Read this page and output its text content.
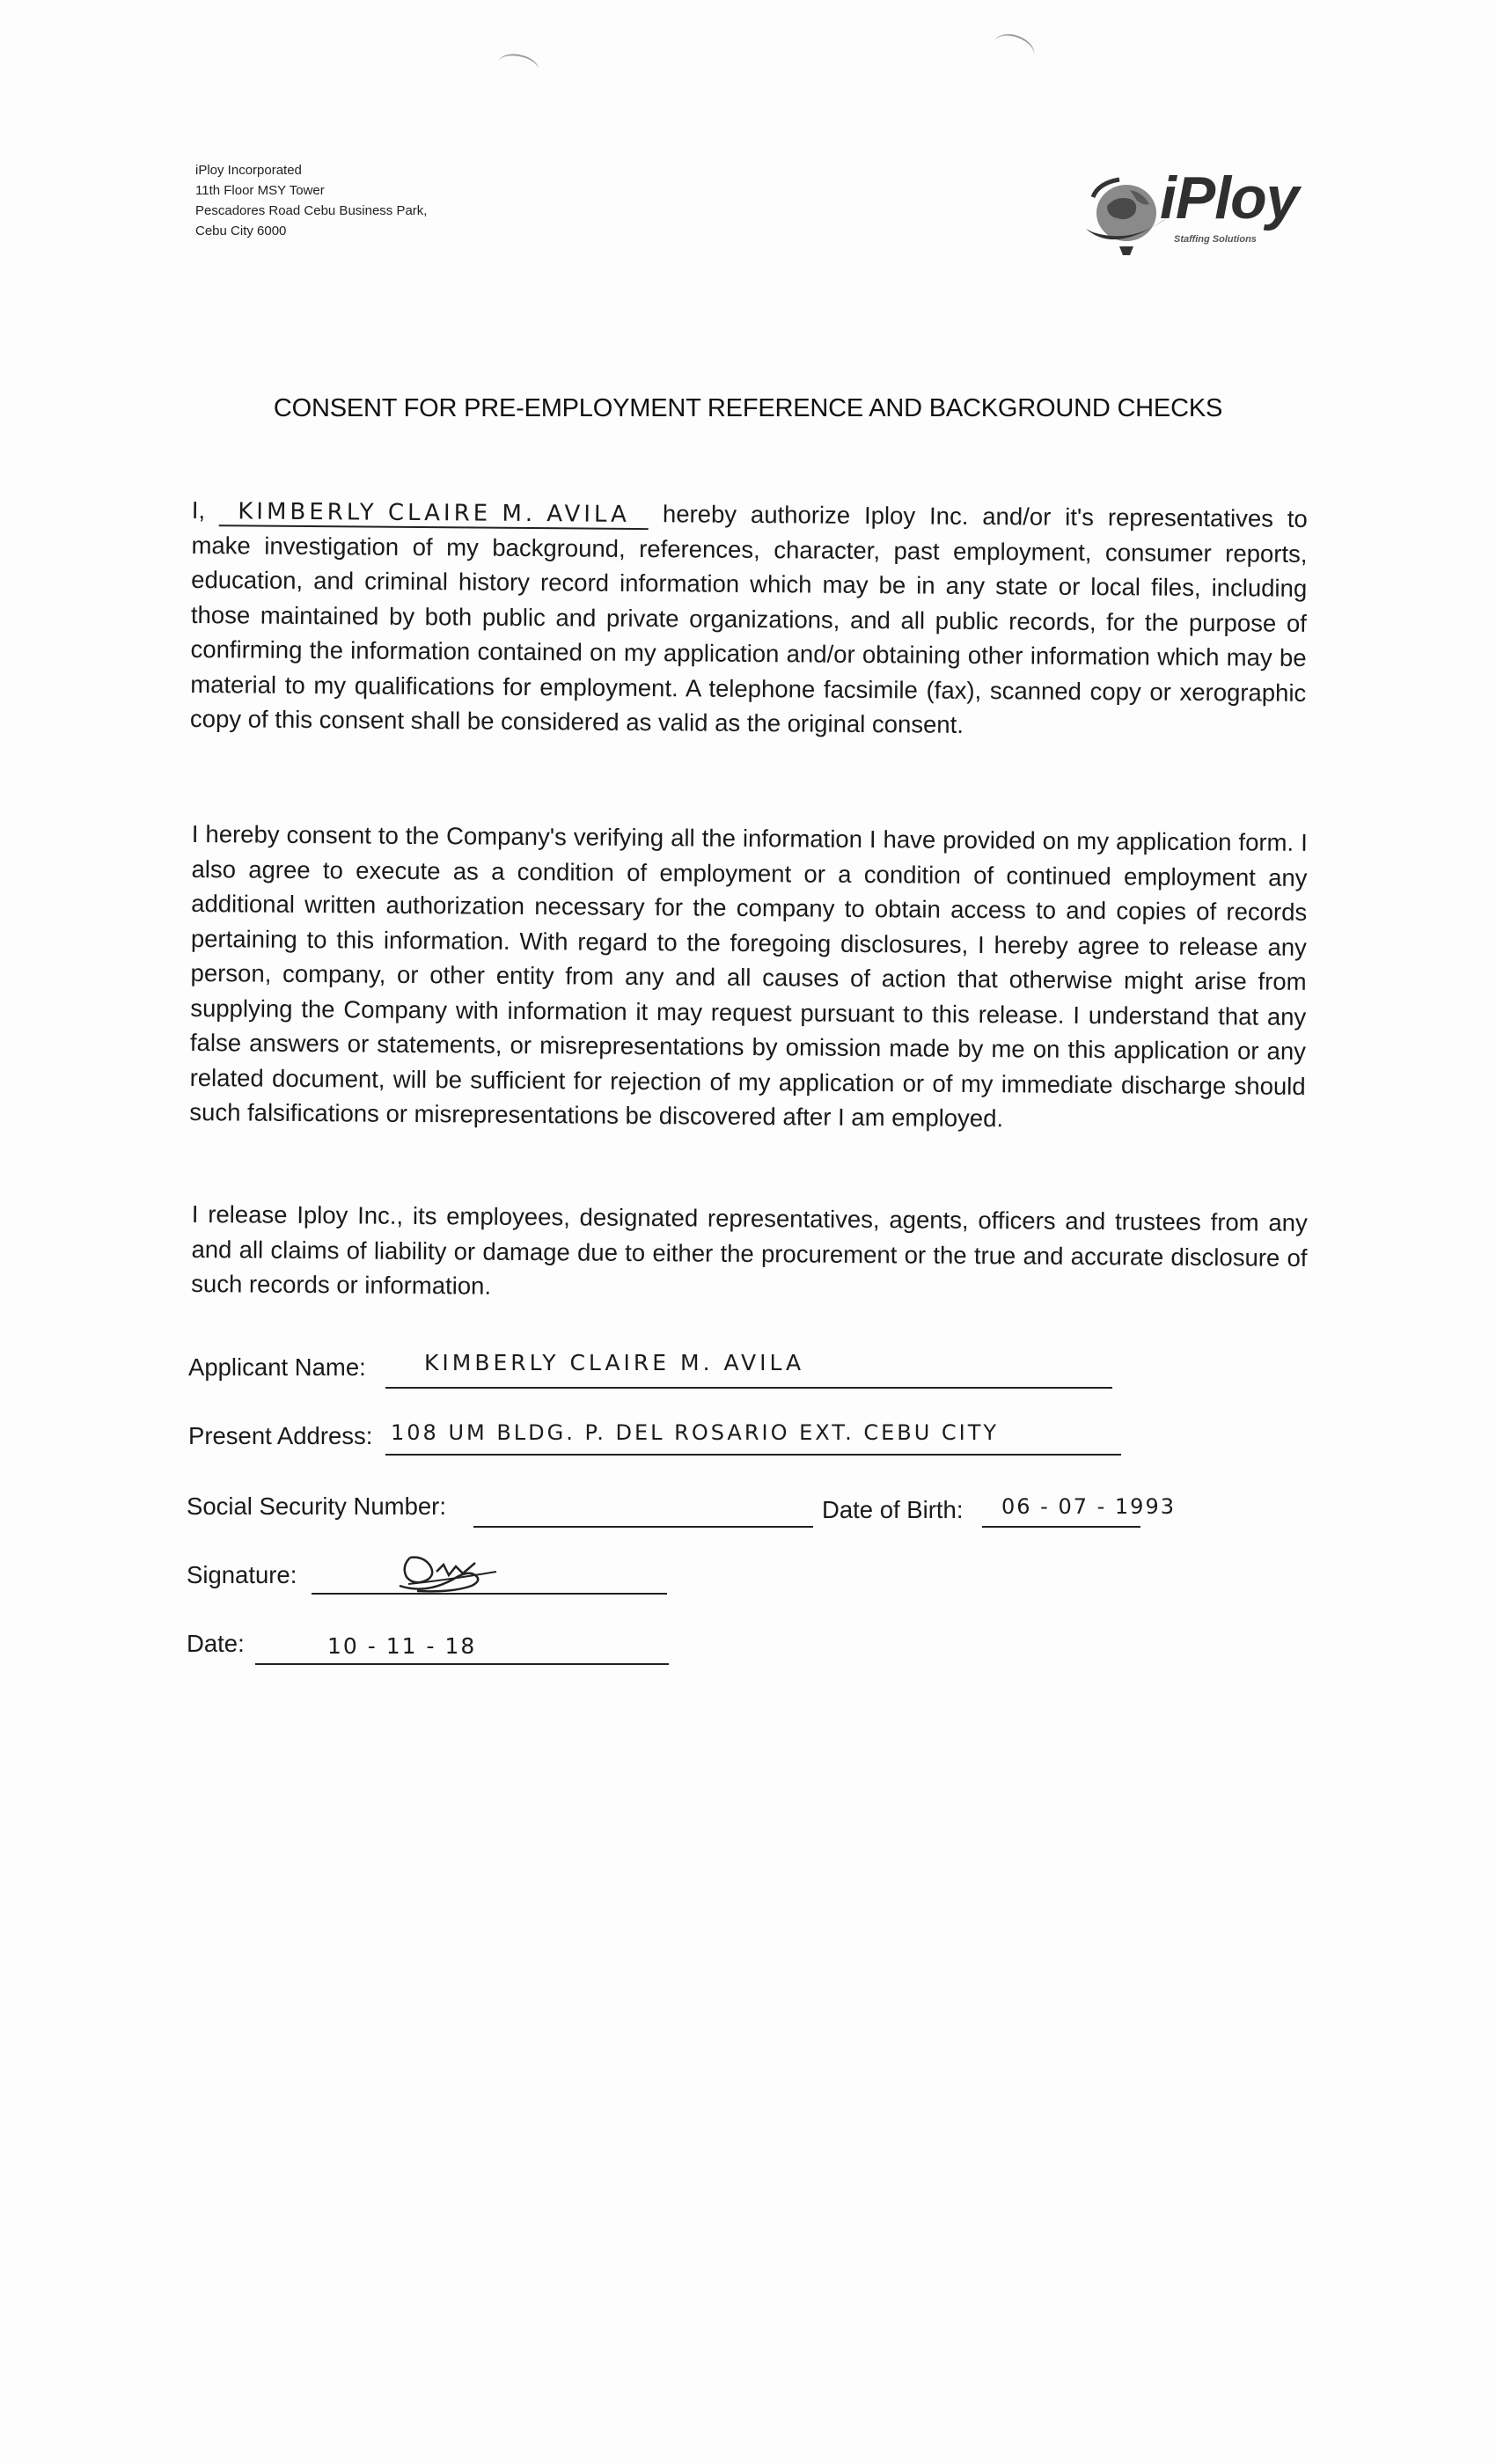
iPloy Incorporated
11th Floor MSY Tower
Pescadores Road Cebu Business Park,
Cebu City 6000	iPloy
Staffing Solutions
CONSENT FOR PRE-EMPLOYMENT REFERENCE AND BACKGROUND CHECKS
I, KIMBERLY CLAIRE M. AVILA hereby authorize Iploy Inc. and/or it's representatives to make investigation of my background, references, character, past employment, consumer reports, education, and criminal history record information which may be in any state or local files, including those maintained by both public and private organizations, and all public records, for the purpose of confirming the information contained on my application and/or obtaining other information which may be material to my qualifications for employment. A telephone facsimile (fax), scanned copy or xerographic copy of this consent shall be considered as valid as the original consent.
I hereby consent to the Company's verifying all the information I have provided on my application form. I also agree to execute as a condition of employment or a condition of continued employment any additional written authorization necessary for the company to obtain access to and copies of records pertaining to this information. With regard to the foregoing disclosures, I hereby agree to release any person, company, or other entity from any and all causes of action that otherwise might arise from supplying the Company with information it may request pursuant to this release. I understand that any false answers or statements, or misrepresentations by omission made by me on this application or any related document, will be sufficient for rejection of my application or of my immediate discharge should such falsifications or misrepresentations be discovered after I am employed.
I release Iploy Inc., its employees, designated representatives, agents, officers and trustees from any and all claims of liability or damage due to either the procurement or the true and accurate disclosure of such records or information.
Applicant Name:	KIMBERLY CLAIRE M. AVILA
Present Address: 108 UM BLDG. P. DEL ROSARIO EXT. CEBU CITY
Social Security Number:	Date of Birth: 06 - 07 - 1993
Signature:
Date:	10 - 11 - 18
